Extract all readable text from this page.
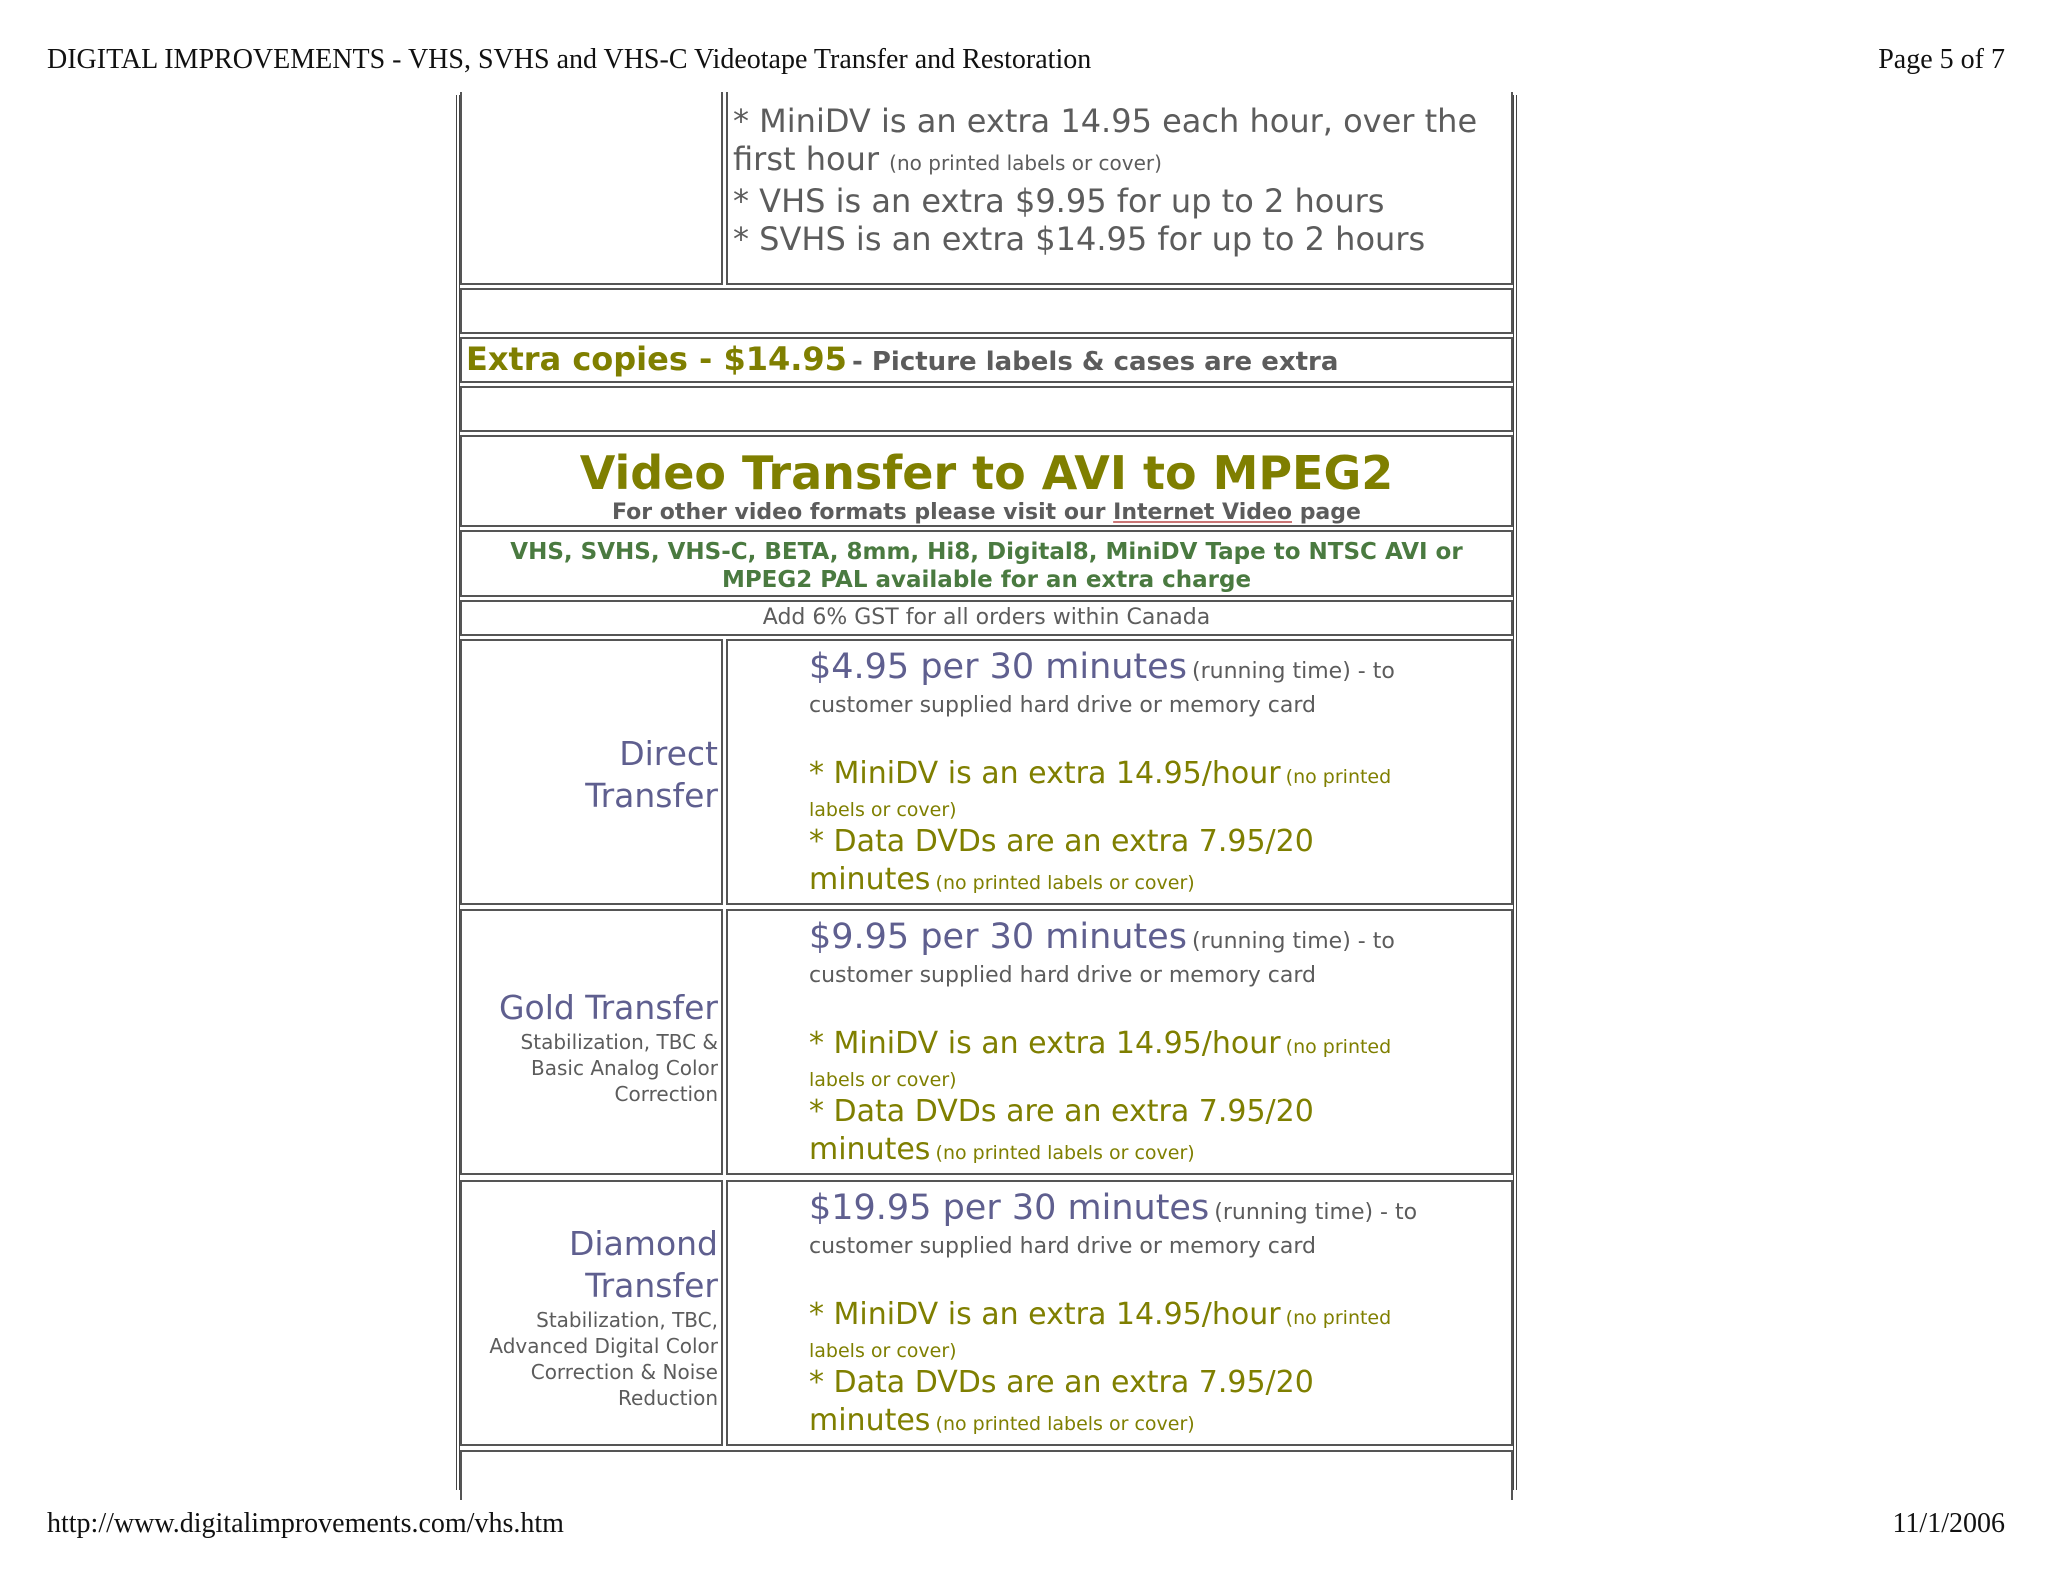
DIGITAL IMPROVEMENTS - VHS, SVHS and VHS-C Videotape Transfer and Restoration	Page 5 of 7
http://www.digitalimprovements.com/vhs.htm	11/1/2006
* MiniDV is an extra 14.95 each hour, over the
first hour (no printed labels or cover)
* VHS is an extra $9.95 for up to 2 hours
* SVHS is an extra $14.95 for up to 2 hours
Extra copies - $14.95 - Picture labels & cases are extra
Video Transfer to AVI to MPEG2
For other video formats please visit our Internet Video page
VHS, SVHS, VHS-C, BETA, 8mm, Hi8, Digital8, MiniDV Tape to NTSC AVI or
MPEG2 PAL available for an extra charge
Add 6% GST for all orders within Canada
Direct
Transfer
$4.95 per 30 minutes (running time) - to
customer supplied hard drive or memory card
* MiniDV is an extra 14.95/hour (no printed
labels or cover)
* Data DVDs are an extra 7.95/20
minutes (no printed labels or cover)
Gold Transfer
Stabilization, TBC &
Basic Analog Color
Correction
$9.95 per 30 minutes (running time) - to
customer supplied hard drive or memory card
* MiniDV is an extra 14.95/hour (no printed
labels or cover)
* Data DVDs are an extra 7.95/20
minutes (no printed labels or cover)
Diamond
Transfer
Stabilization, TBC,
Advanced Digital Color
Correction & Noise
Reduction
$19.95 per 30 minutes (running time) - to
customer supplied hard drive or memory card
* MiniDV is an extra 14.95/hour (no printed
labels or cover)
* Data DVDs are an extra 7.95/20
minutes (no printed labels or cover)
